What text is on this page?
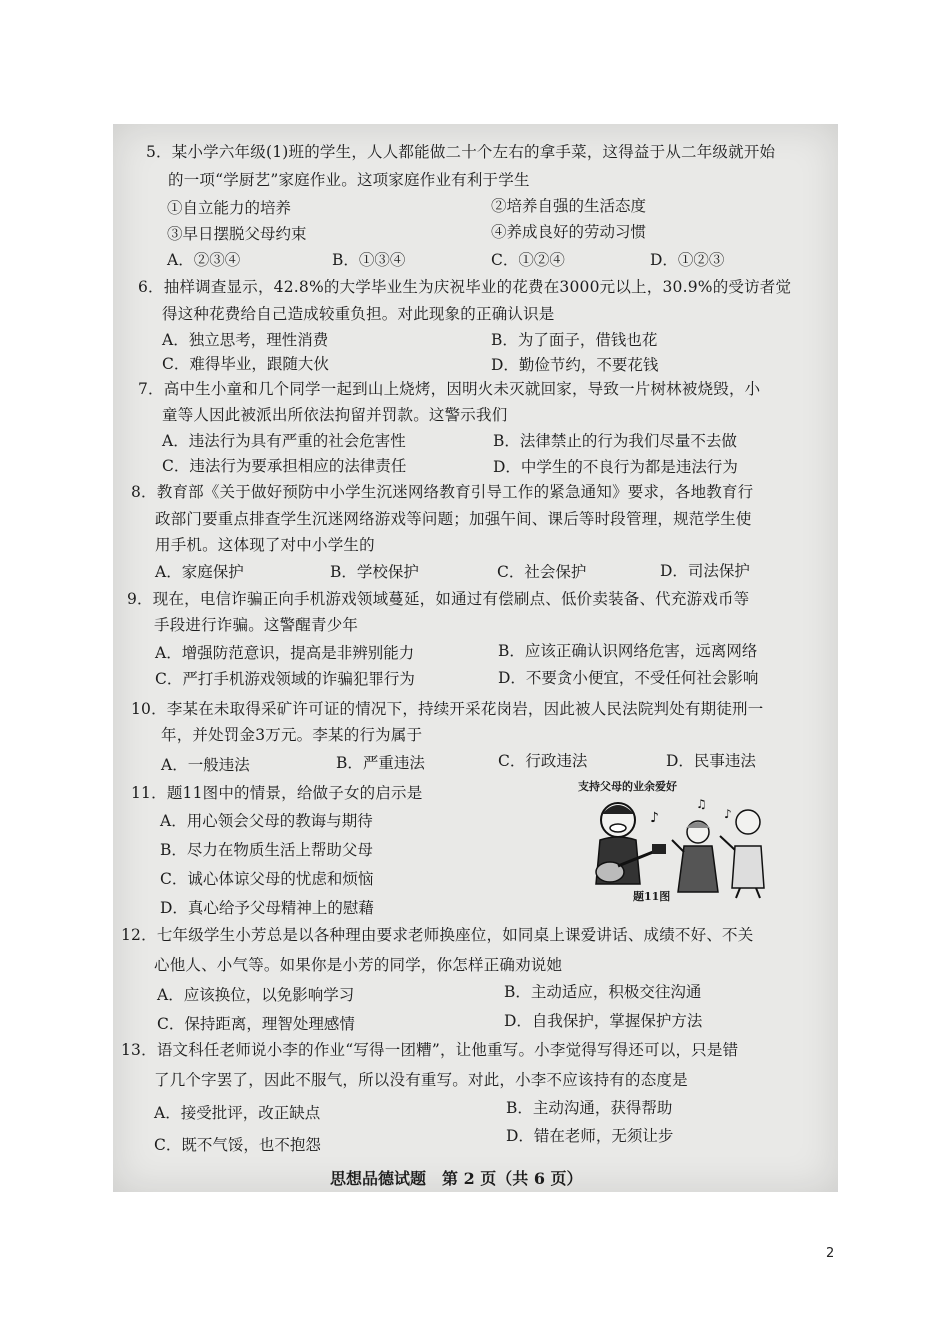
5．某小学六年级(1)班的学生，人人都能做二十个左右的拿手菜，这得益于从二年级就开始
的一项“学厨艺”家庭作业。这项家庭作业有利于学生
①自立能力的培养	②培养自强的生活态度
③早日摆脱父母约束	④养成良好的劳动习惯
A．②③④	B．①③④	C．①②④	D．①②③
6．抽样调查显示，42.8%的大学毕业生为庆祝毕业的花费在3000元以上，30.9%的受访者觉
得这种花费给自己造成较重负担。对此现象的正确认识是
A．独立思考，理性消费	B．为了面子，借钱也花
C．难得毕业，跟随大伙	D．勤俭节约，不要花钱
7．高中生小童和几个同学一起到山上烧烤，因明火未灭就回家，导致一片树林被烧毁，小
童等人因此被派出所依法拘留并罚款。这警示我们
A．违法行为具有严重的社会危害性	B．法律禁止的行为我们尽量不去做
C．违法行为要承担相应的法律责任	D．中学生的不良行为都是违法行为
8．教育部《关于做好预防中小学生沉迷网络教育引导工作的紧急通知》要求，各地教育行
政部门要重点排查学生沉迷网络游戏等问题；加强午间、课后等时段管理，规范学生使
用手机。这体现了对中小学生的
A．家庭保护	B．学校保护	C．社会保护	D．司法保护
9．现在，电信诈骗正向手机游戏领域蔓延，如通过有偿刷点、低价卖装备、代充游戏币等
手段进行诈骗。这警醒青少年
A．增强防范意识，提高是非辨别能力	B．应该正确认识网络危害，远离网络
C．严打手机游戏领域的诈骗犯罪行为	D．不要贪小便宜，不受任何社会影响
10．李某在未取得采矿许可证的情况下，持续开采花岗岩，因此被人民法院判处有期徒刑一
年，并处罚金3万元。李某的行为属于
A．一般违法	B．严重违法	C．行政违法	D．民事违法
11．题11图中的情景，给做子女的启示是
A．用心领会父母的教诲与期待
B．尽力在物质生活上帮助父母
C．诚心体谅父母的忧虑和烦恼
D．真心给予父母精神上的慰藉
支持父母的业余爱好
♪
♫
♪
题11图
12．七年级学生小芳总是以各种理由要求老师换座位，如同桌上课爱讲话、成绩不好、不关
心他人、小气等。如果你是小芳的同学，你怎样正确劝说她
A．应该换位，以免影响学习	B．主动适应，积极交往沟通
C．保持距离，理智处理感情	D．自我保护，掌握保护方法
13．语文科任老师说小李的作业“写得一团糟”，让他重写。小李觉得写得还可以，只是错
了几个字罢了，因此不服气，所以没有重写。对此，小李不应该持有的态度是
A．接受批评，改正缺点	B．主动沟通，获得帮助
C．既不气馁，也不抱怨	D．错在老师，无须让步
思想品德试题　第 2 页（共 6 页）
2
